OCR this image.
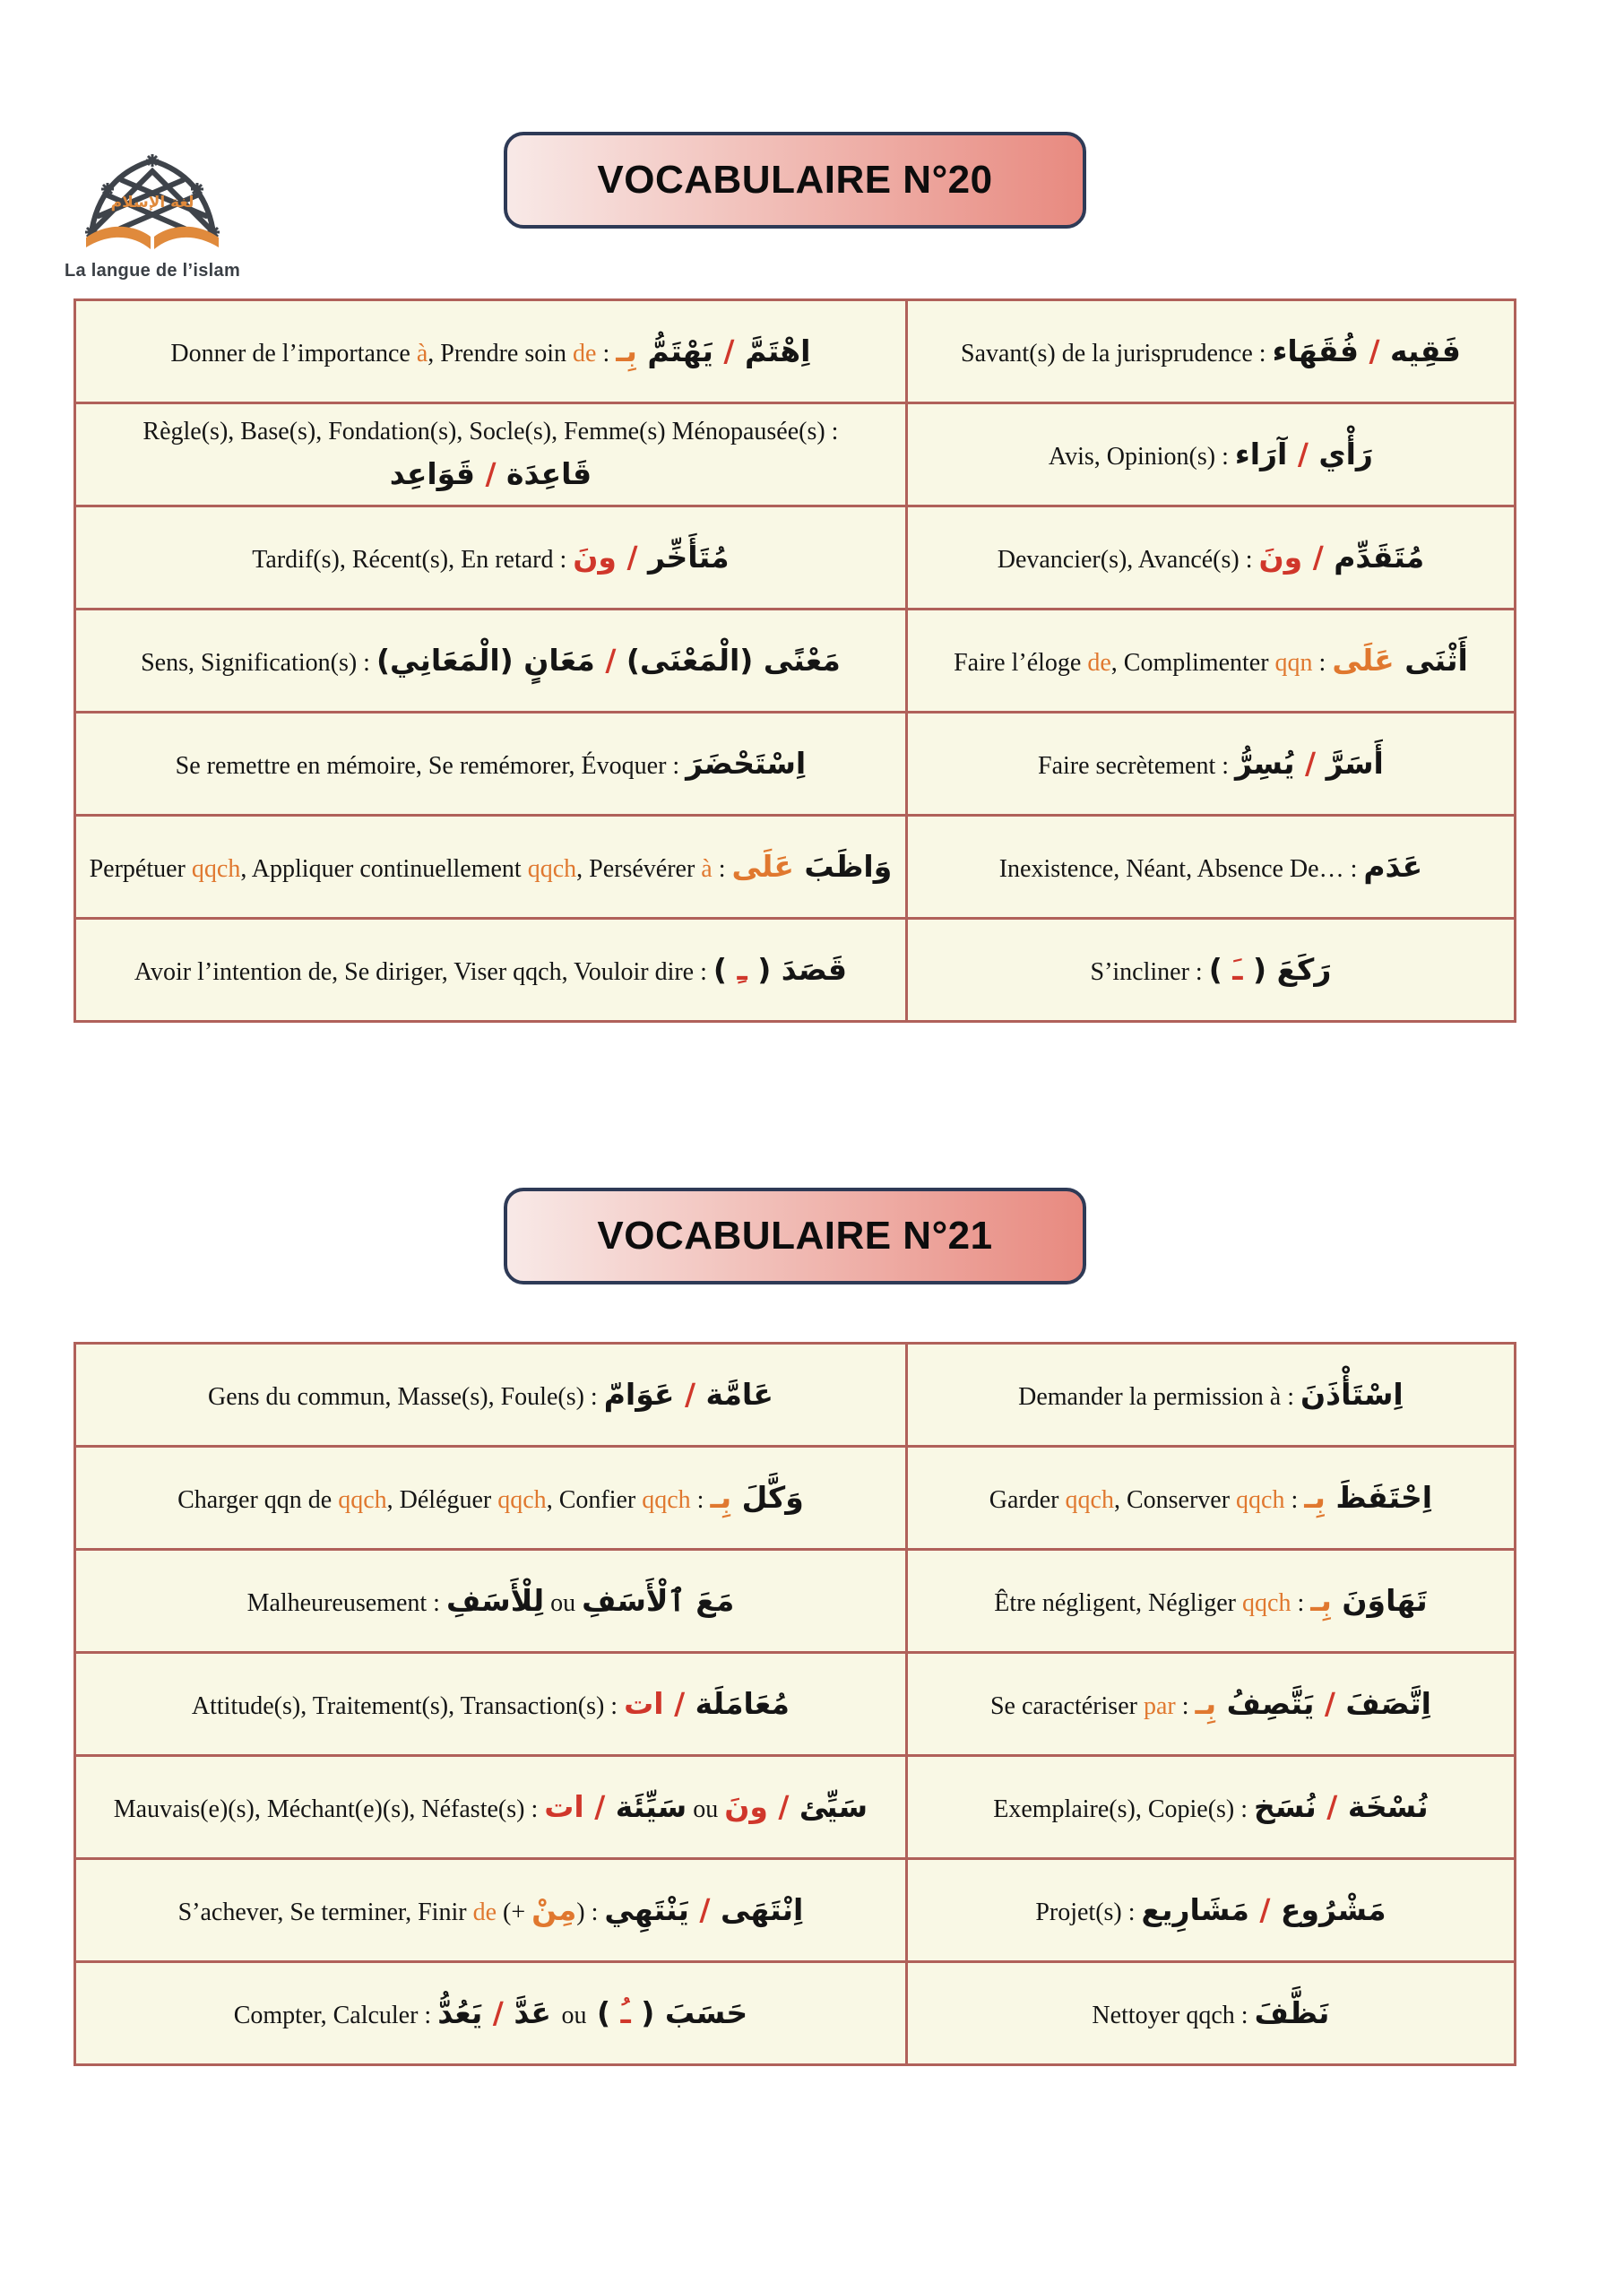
لغة الإسلام
La langue de l’islam
VOCABULAIRE N°20
Donner de l’importance à, Prendre soin de : اِهْتَمَّ / يَهْتَمُّ بِـ	Savant(s) de la jurisprudence : فَقِيه / فُقَهَاء
Règle(s), Base(s), Fondation(s), Socle(s), Femme(s) Ménopausée(s) :
قَاعِدَة / قَوَاعِد	Avis, Opinion(s) : رَأْي / آرَاء
Tardif(s), Récent(s), En retard : مُتَأَخِّر / ونَ	Devancier(s), Avancé(s) : مُتَقَدِّم / ونَ
Sens, Signification(s) : مَعْنًى (الْمَعْنَى) / مَعَانٍ (الْمَعَانِي)	Faire l’éloge de, Complimenter qqn : أَثْنَى عَلَى
Se remettre en mémoire, Se remémorer, Évoquer : اِسْتَحْضَرَ	Faire secrètement : أَسَرَّ / يُسِرُّ
Perpétuer qqch, Appliquer continuellement qqch, Persévérer à : وَاظَبَ عَلَى	Inexistence, Néant, Absence De… : عَدَم
Avoir l’intention de, Se diriger, Viser qqch, Vouloir dire : قَصَدَ ( ـِ )	S’incliner : رَكَعَ ( ـَ )
VOCABULAIRE N°21
Gens du commun, Masse(s), Foule(s) : عَامَّة / عَوَامّ	Demander la permission à : اِسْتَأْذَنَ
Charger qqn de qqch, Déléguer qqch, Confier qqch : وَكَّلَ بِـ	Garder qqch, Conserver qqch : اِحْتَفَظَ بِـ
Malheureusement : مَعَ ٱلْأَسَفِ ou لِلْأَسَفِ	Être négligent, Négliger qqch : تَهَاوَنَ بِـ
Attitude(s), Traitement(s), Transaction(s) : مُعَامَلَة / ات	Se caractériser par : اِتَّصَفَ / يَتَّصِفُ بِـ
Mauvais(e)(s), Méchant(e)(s), Néfaste(s) : سَيِّئ / ونَ ou سَيِّئَة / ات	Exemplaire(s), Copie(s) : نُسْخَة / نُسَخ
S’achever, Se terminer, Finir de (+ مِنْ) : اِنْتَهَى / يَنْتَهِي	Projet(s) : مَشْرُوع / مَشَارِيع
Compter, Calculer : حَسَبَ ( ـُ ) ou عَدَّ / يَعُدُّ	Nettoyer qqch : نَظَّفَ
